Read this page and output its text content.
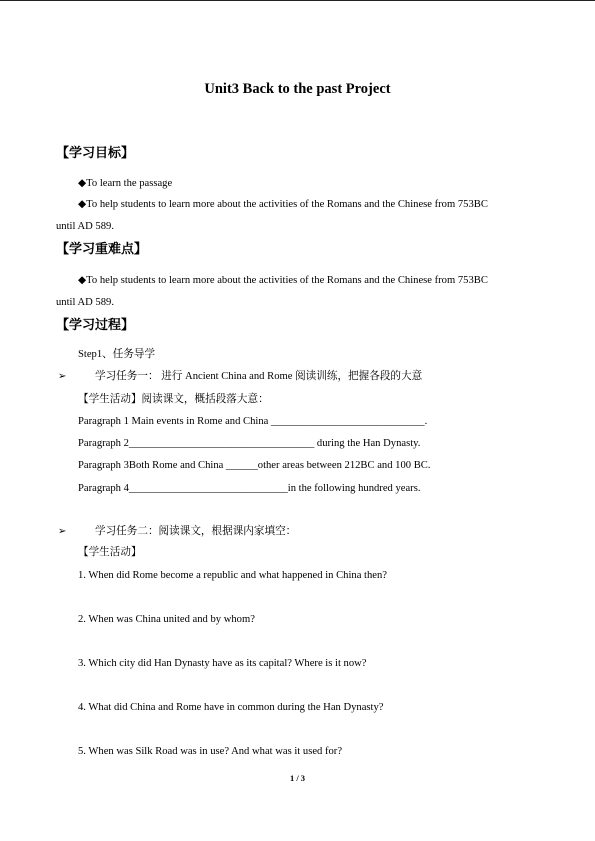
Unit3 Back to the past Project
【学习目标】
◆To learn the passage
◆To help students to learn more about the activities of the Romans and the Chinese from 753BC
until AD 589.
【学习重难点】
◆To help students to learn more about the activities of the Romans and the Chinese from 753BC
until AD 589.
【学习过程】
Step1、任务导学
➢	学习任务一： 进行 Ancient China and Rome 阅读训练，把握各段的大意
【学生活动】阅读课文，概括段落大意：
Paragraph 1 Main events in Rome and China _____________________________.
Paragraph 2___________________________________ during the Han Dynasty.
Paragraph 3Both Rome and China ______other areas between 212BC and 100 BC.
Paragraph 4______________________________in the following hundred years.
➢	学习任务二：阅读课文，根据课内家填空：
【学生活动】
1. When did Rome become a republic and what happened in China then?
2. When was China united and by whom?
3. Which city did Han Dynasty have as its capital? Where is it now?
4. What did China and Rome have in common during the Han Dynasty?
5. When was Silk Road was in use? And what was it used for?
1 / 3
